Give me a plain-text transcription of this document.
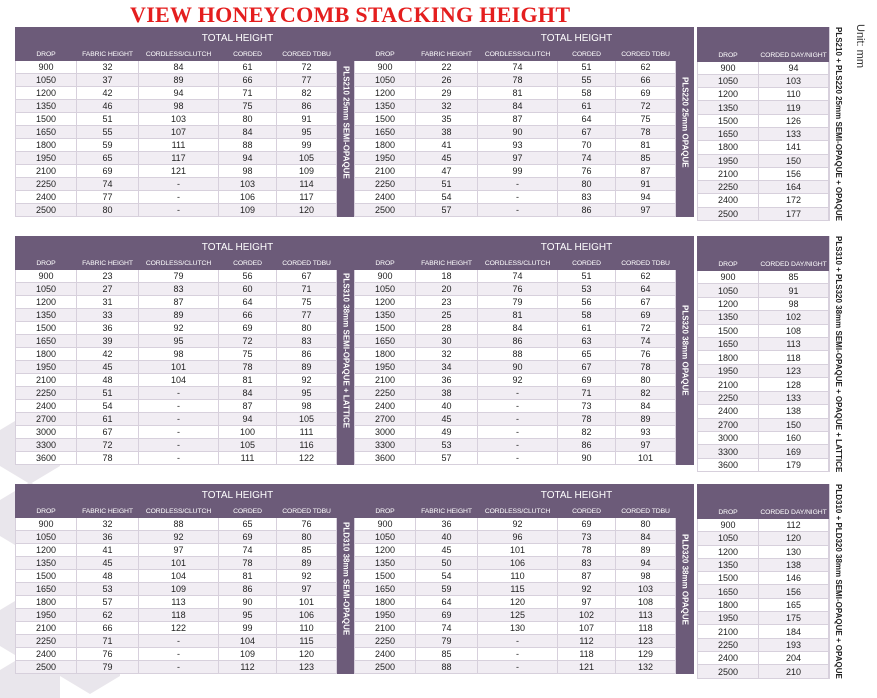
VIEW HONEYCOMB STACKING HEIGHT
Unit: mm
		TOTAL HEIGHT		
DROP	FABRIC HEIGHT	CORDLESS/CLUTCH	CORDED	CORDED TDBU
900	32	84	61	72
1050	37	89	66	77
1200	42	94	71	82
1350	46	98	75	86
1500	51	103	80	91
1650	55	107	84	95
1800	59	111	88	99
1950	65	117	94	105
2100	69	121	98	109
2250	74	-	103	114
2400	77	-	106	117
2500	80	-	109	120
PLS210 25mm SEMI-OPAQUE
		TOTAL HEIGHT		
DROP	FABRIC HEIGHT	CORDLESS/CLUTCH	CORDED	CORDED TDBU
900	22	74	51	62
1050	26	78	55	66
1200	29	81	58	69
1350	32	84	61	72
1500	35	87	64	75
1650	38	90	67	78
1800	41	93	70	81
1950	45	97	74	85
2100	47	99	76	87
2250	51	-	80	91
2400	54	-	83	94
2500	57	-	86	97
PLS220 25mm OPAQUE

DROP	CORDED DAY/NIGHT
900	94
1050	103
1200	110
1350	119
1500	126
1650	133
1800	141
1950	150
2100	156
2250	164
2400	172
2500	177	PLS210 + PLS220 25mm SEMI-OPAQUE + OPAQUE
		TOTAL HEIGHT		
DROP	FABRIC HEIGHT	CORDLESS/CLUTCH	CORDED	CORDED TDBU
900	23	79	56	67
1050	27	83	60	71
1200	31	87	64	75
1350	33	89	66	77
1500	36	92	69	80
1650	39	95	72	83
1800	42	98	75	86
1950	45	101	78	89
2100	48	104	81	92
2250	51	-	84	95
2400	54	-	87	98
2700	61	-	94	105
3000	67	-	100	111
3300	72	-	105	116
3600	78	-	111	122
PLS310 38mm SEMI-OPAQUE + LATTICE
		TOTAL HEIGHT		
DROP	FABRIC HEIGHT	CORDLESS/CLUTCH	CORDED	CORDED TDBU
900	18	74	51	62
1050	20	76	53	64
1200	23	79	56	67
1350	25	81	58	69
1500	28	84	61	72
1650	30	86	63	74
1800	32	88	65	76
1950	34	90	67	78
2100	36	92	69	80
2250	38	-	71	82
2400	40	-	73	84
2700	45	-	78	89
3000	49	-	82	93
3300	53	-	86	97
3600	57	-	90	101
PLS320 38mm OPAQUE

DROP	CORDED DAY/NIGHT
900	85
1050	91
1200	98
1350	102
1500	108
1650	113
1800	118
1950	123
2100	128
2250	133
2400	138
2700	150
3000	160
3300	169
3600	179	PLS310 + PLS320 38mm SEMI-OPAQUE + OPAQUE + LATTICE
		TOTAL HEIGHT		
DROP	FABRIC HEIGHT	CORDLESS/CLUTCH	CORDED	CORDED TDBU
900	32	88	65	76
1050	36	92	69	80
1200	41	97	74	85
1350	45	101	78	89
1500	48	104	81	92
1650	53	109	86	97
1800	57	113	90	101
1950	62	118	95	106
2100	66	122	99	110
2250	71	-	104	115
2400	76	-	109	120
2500	79	-	112	123
PLD310 38mm SEMI-OPAQUE
		TOTAL HEIGHT		
DROP	FABRIC HEIGHT	CORDLESS/CLUTCH	CORDED	CORDED TDBU
900	36	92	69	80
1050	40	96	73	84
1200	45	101	78	89
1350	50	106	83	94
1500	54	110	87	98
1650	59	115	92	103
1800	64	120	97	108
1950	69	125	102	113
2100	74	130	107	118
2250	79	-	112	123
2400	85	-	118	129
2500	88	-	121	132
PLD320 38mm OPAQUE

DROP	CORDED DAY/NIGHT
900	112
1050	120
1200	130
1350	138
1500	146
1650	156
1800	165
1950	175
2100	184
2250	193
2400	204
2500	210	PLD310 + PLD320 38mm SEMI-OPAQUE + OPAQUE
